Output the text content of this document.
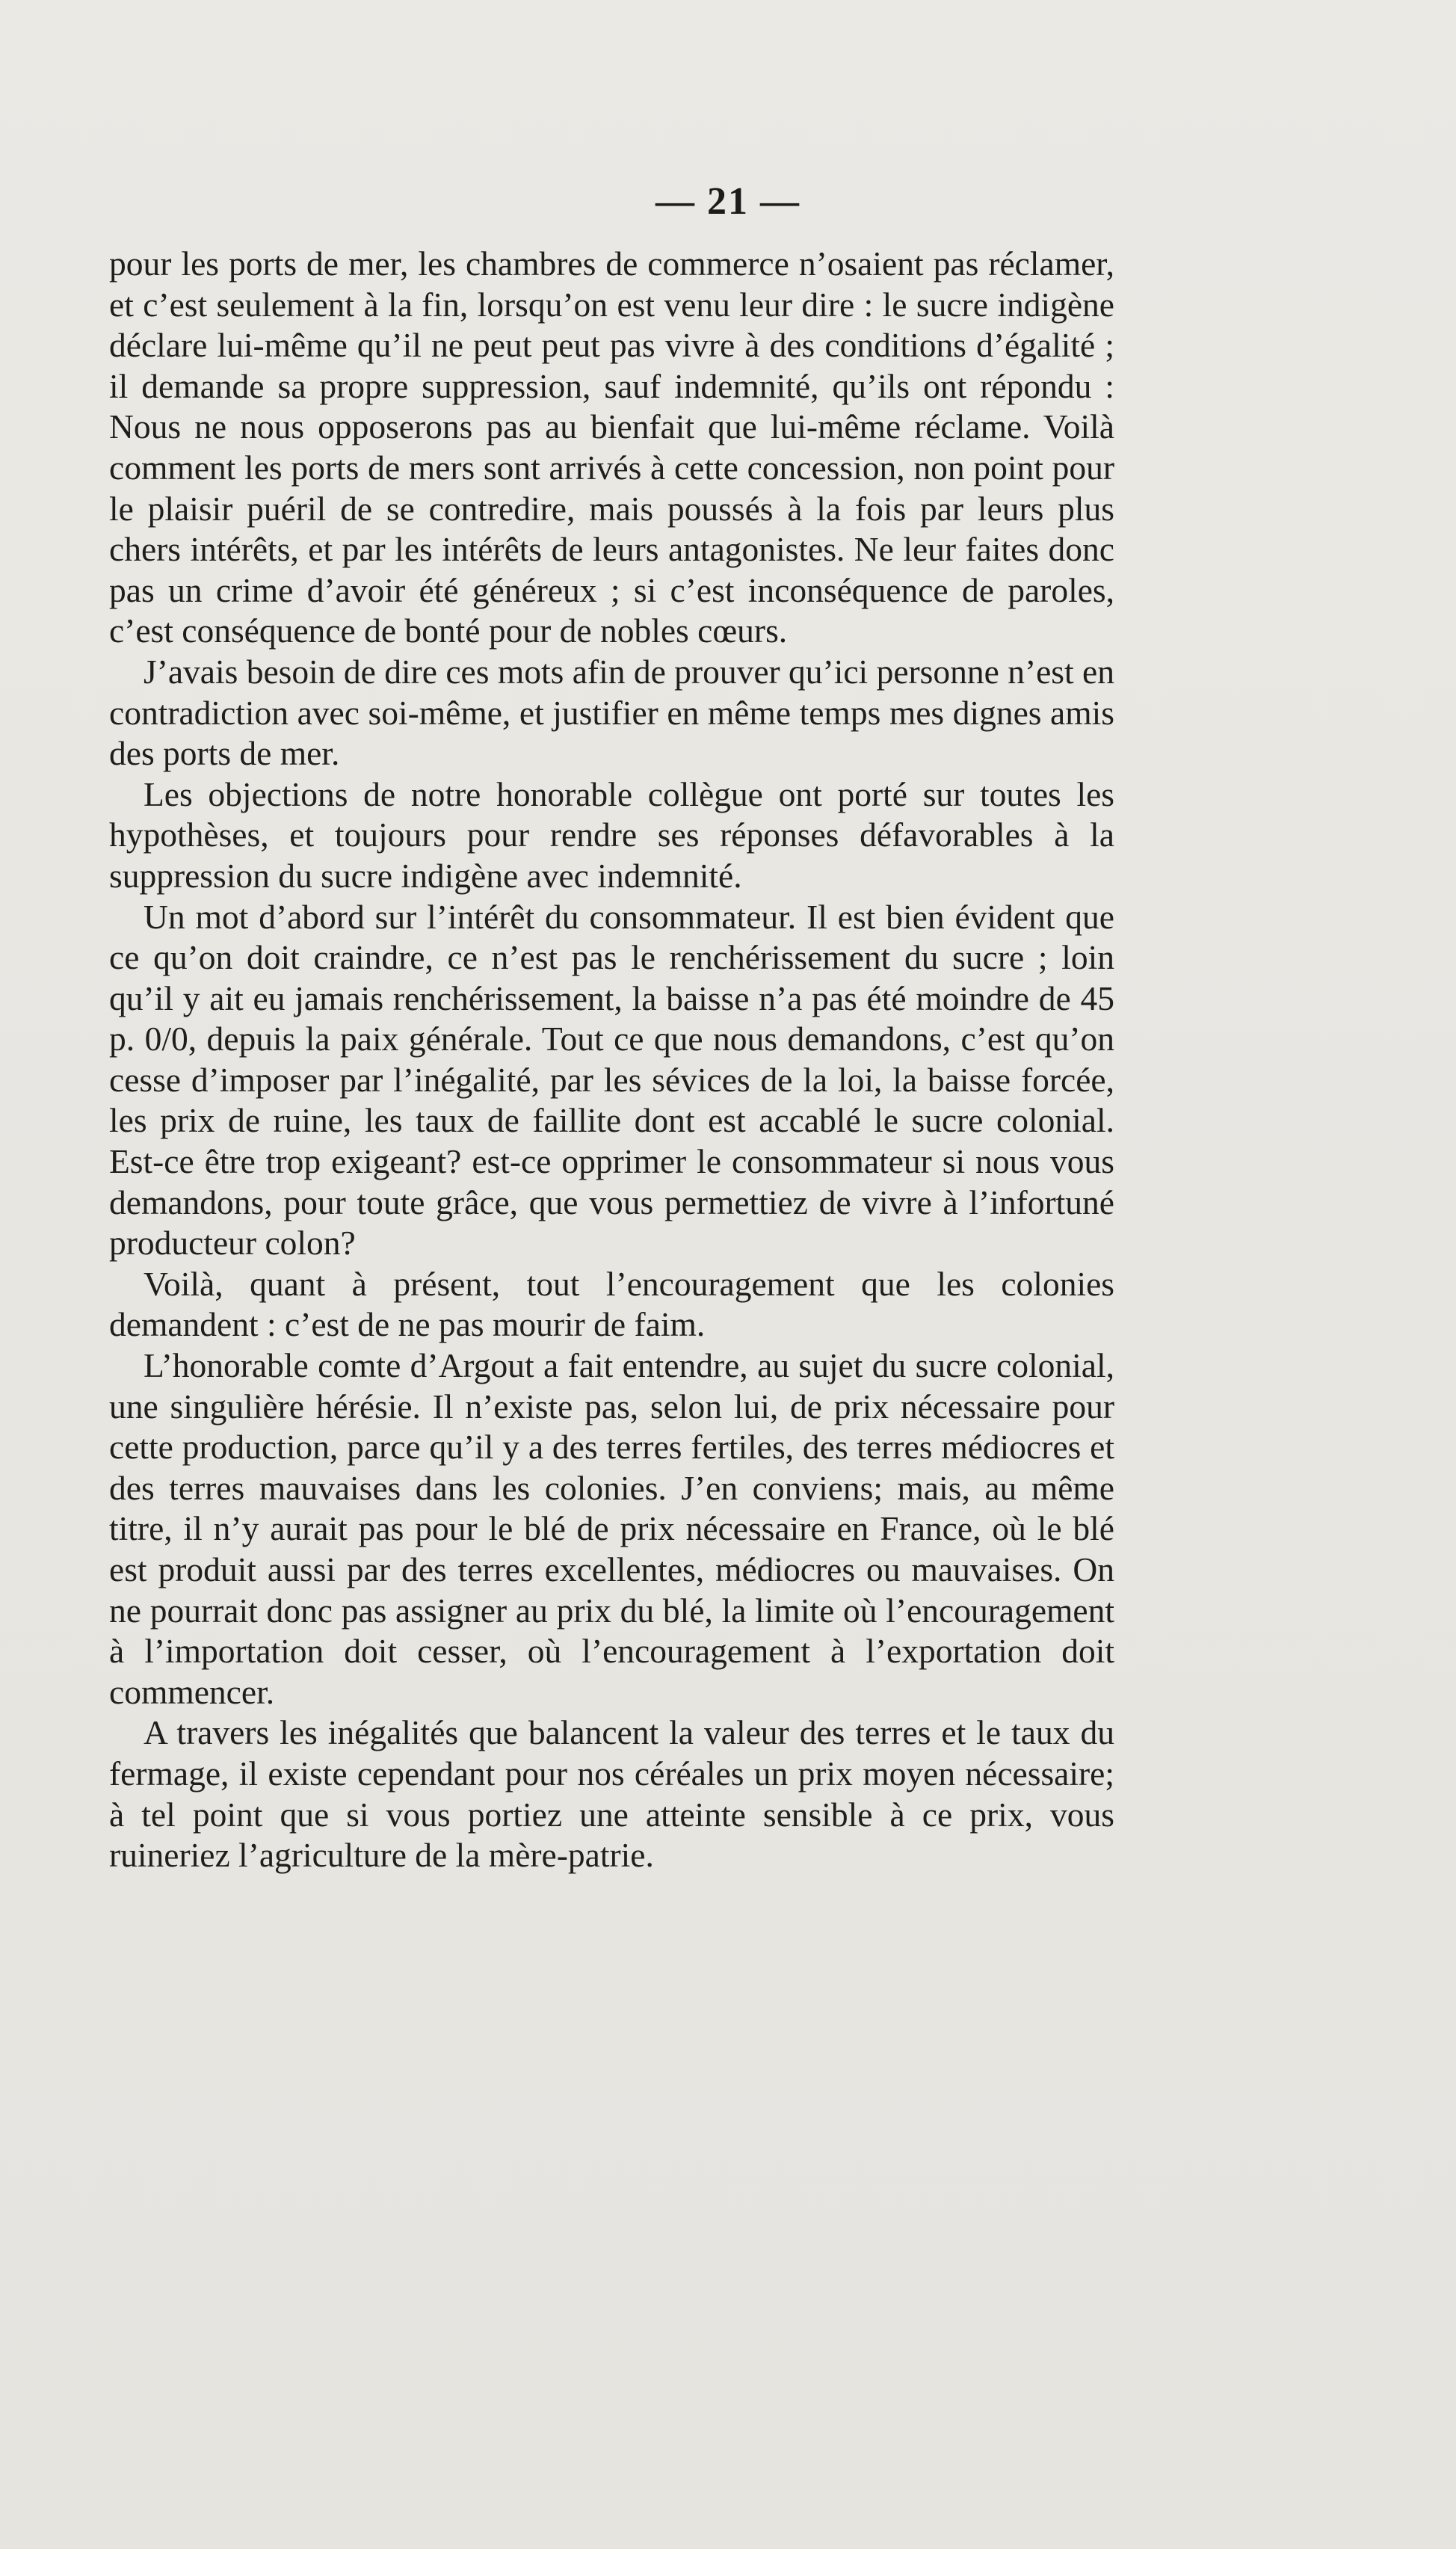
— 21 —

pour les ports de mer, les chambres de commerce n’osaient pas réclamer, et c’est seulement à la fin, lorsqu’on est venu leur dire : le sucre indigène déclare lui-même qu’il ne peut peut pas vivre à des conditions d’égalité ; il demande sa propre suppression, sauf indemnité, qu’ils ont répondu : Nous ne nous opposerons pas au bienfait que lui-même réclame. Voilà comment les ports de mers sont arrivés à cette concession, non point pour le plaisir puéril de se contredire, mais poussés à la fois par leurs plus chers intérêts, et par les intérêts de leurs antagonistes. Ne leur faites donc pas un crime d’avoir été généreux ; si c’est inconséquence de paroles, c’est conséquence de bonté pour de nobles cœurs.

J’avais besoin de dire ces mots afin de prouver qu’ici personne n’est en contradiction avec soi-même, et justifier en même temps mes dignes amis des ports de mer.

Les objections de notre honorable collègue ont porté sur toutes les hypothèses, et toujours pour rendre ses réponses défavorables à la suppression du sucre indigène avec indemnité.

Un mot d’abord sur l’intérêt du consommateur. Il est bien évident que ce qu’on doit craindre, ce n’est pas le renchérissement du sucre ; loin qu’il y ait eu jamais renchérissement, la baisse n’a pas été moindre de 45 p. 0/0, depuis la paix générale. Tout ce que nous demandons, c’est qu’on cesse d’imposer par l’inégalité, par les sévices de la loi, la baisse forcée, les prix de ruine, les taux de faillite dont est accablé le sucre colonial. Est-ce être trop exigeant? est-ce opprimer le consommateur si nous vous demandons, pour toute grâce, que vous permettiez de vivre à l’infortuné producteur colon?

Voilà, quant à présent, tout l’encouragement que les colonies demandent : c’est de ne pas mourir de faim.

L’honorable comte d’Argout a fait entendre, au sujet du sucre colonial, une singulière hérésie. Il n’existe pas, selon lui, de prix nécessaire pour cette production, parce qu’il y a des terres fertiles, des terres médiocres et des terres mauvaises dans les colonies. J’en conviens; mais, au même titre, il n’y aurait pas pour le blé de prix nécessaire en France, où le blé est produit aussi par des terres excellentes, médiocres ou mauvaises. On ne pourrait donc pas assigner au prix du blé, la limite où l’encouragement à l’importation doit cesser, où l’encouragement à l’exportation doit commencer.

A travers les inégalités que balancent la valeur des terres et le taux du fermage, il existe cependant pour nos céréales un prix moyen nécessaire; à tel point que si vous portiez une atteinte sensible à ce prix, vous ruineriez l’agriculture de la mère-patrie.
